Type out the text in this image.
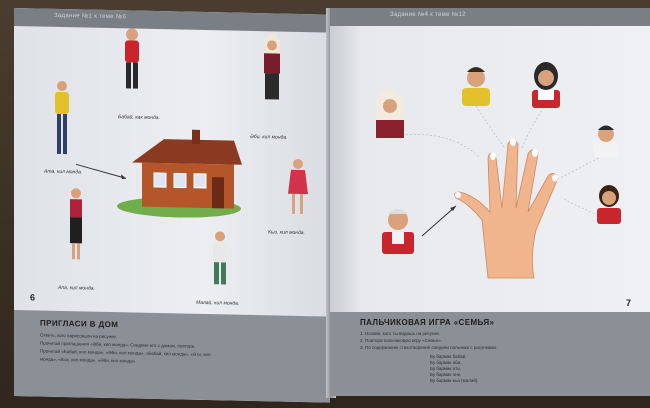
Задание №1 к теме №6
Бабай, как монда.
Әби, кил монда.
Кыз, кил монда.
Ата, кил монда.
Апа, кил монда.
Малай, кил монда.
6
ПРИГЛАСИ В ДОМ
Ответь, кого нарисовали на рисунке.
Прочитай приглашения «Әби, кил монда». Соедини его с домом, повтори.
Прочитай «Бабай, кил монда», «Әби, кил монда», «Бабай, кил монда», «Әти, кил
монда», «Кыз, кил монда», «Әби, кил монда».
Задание №4 к теме №12
7
ПАЛЬЧИКОВАЯ ИГРА «СЕМЬЯ»
1. Назови, кого ты видишь на рисунке.
2. Повтори пальчиковую игру «Семья».
3. По содержанию стихотворения соедини пальчики с рисунками.
Бу бармак бабай,
Бу бармак әби,
Бу бармак әти,
Бу бармак әни,
Бу бармак кыз (малай).
